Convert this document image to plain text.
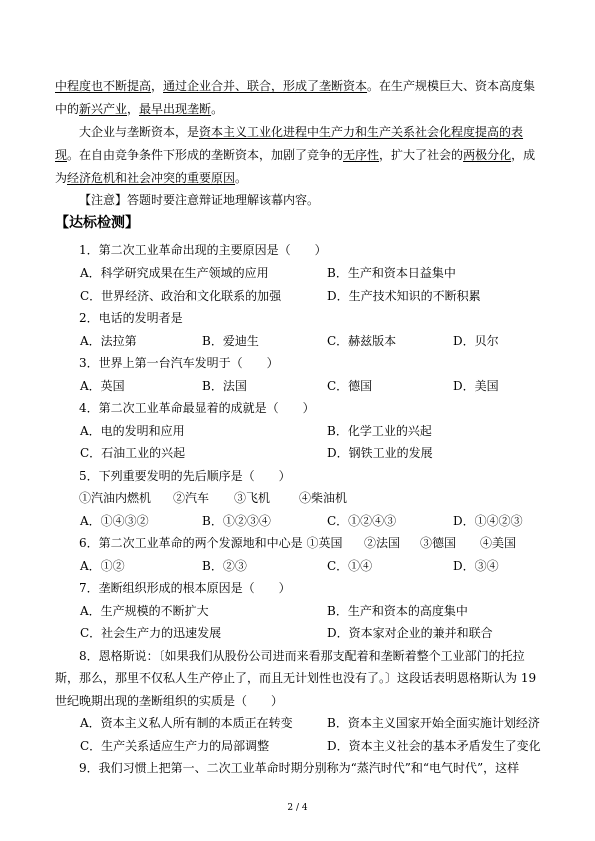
中程度也不断提高，通过企业合并、联合，形成了垄断资本。在生产规模巨大、资本高度集
中的新兴产业，最早出现垄断。
大企业与垄断资本，是资本主义工业化进程中生产力和生产关系社会化程度提高的表
现。在自由竞争条件下形成的垄断资本，加剧了竞争的无序性，扩大了社会的两极分化，成
为经济危机和社会冲突的重要原因。
【注意】答题时要注意辩证地理解该幕内容。
【达标检测】
1．第二次工业革命出现的主要原因是（　　）
A．科学研究成果在生产领域的应用	B．生产和资本日益集中
C．世界经济、政治和文化联系的加强	D．生产技术知识的不断积累
2．电话的发明者是
A．法拉第	B．爱迪生	C．赫兹版本	D．贝尔
3．世界上第一台汽车发明于（　　）
A．英国	B．法国	C．德国	D．美国
4．第二次工业革命最显着的成就是（　　）
A．电的发明和应用	B．化学工业的兴起
C．石油工业的兴起	D．钢铁工业的发展
5．下列重要发明的先后顺序是（　　）
①汽油内燃机 ②汽车 ③飞机 ④柴油机
A．①④③②	B．①②③④	C．①②④③	D．①④②③
6．第二次工业革命的两个发源地和中心是 ①英国 ②法国 ③德国 ④美国
A．①②	B．②③	C．①④	D．③④
7．垄断组织形成的根本原因是（　　）
A．生产规模的不断扩大	B．生产和资本的高度集中
C．社会生产力的迅速发展	D．资本家对企业的兼并和联合
8．恩格斯说：〔如果我们从股份公司进而来看那支配着和垄断着整个工业部门的托拉
斯，那么，那里不仅私人生产停止了，而且无计划性也没有了。〕这段话表明恩格斯认为 19
世纪晚期出现的垄断组织的实质是（　　）
A．资本主义私人所有制的本质正在转变	B．资本主义国家开始全面实施计划经济
C．生产关系适应生产力的局部调整	D．资本主义社会的基本矛盾发生了变化
9．我们习惯上把第一、二次工业革命时期分别称为“蒸汽时代”和“电气时代”，这样
2 / 4
